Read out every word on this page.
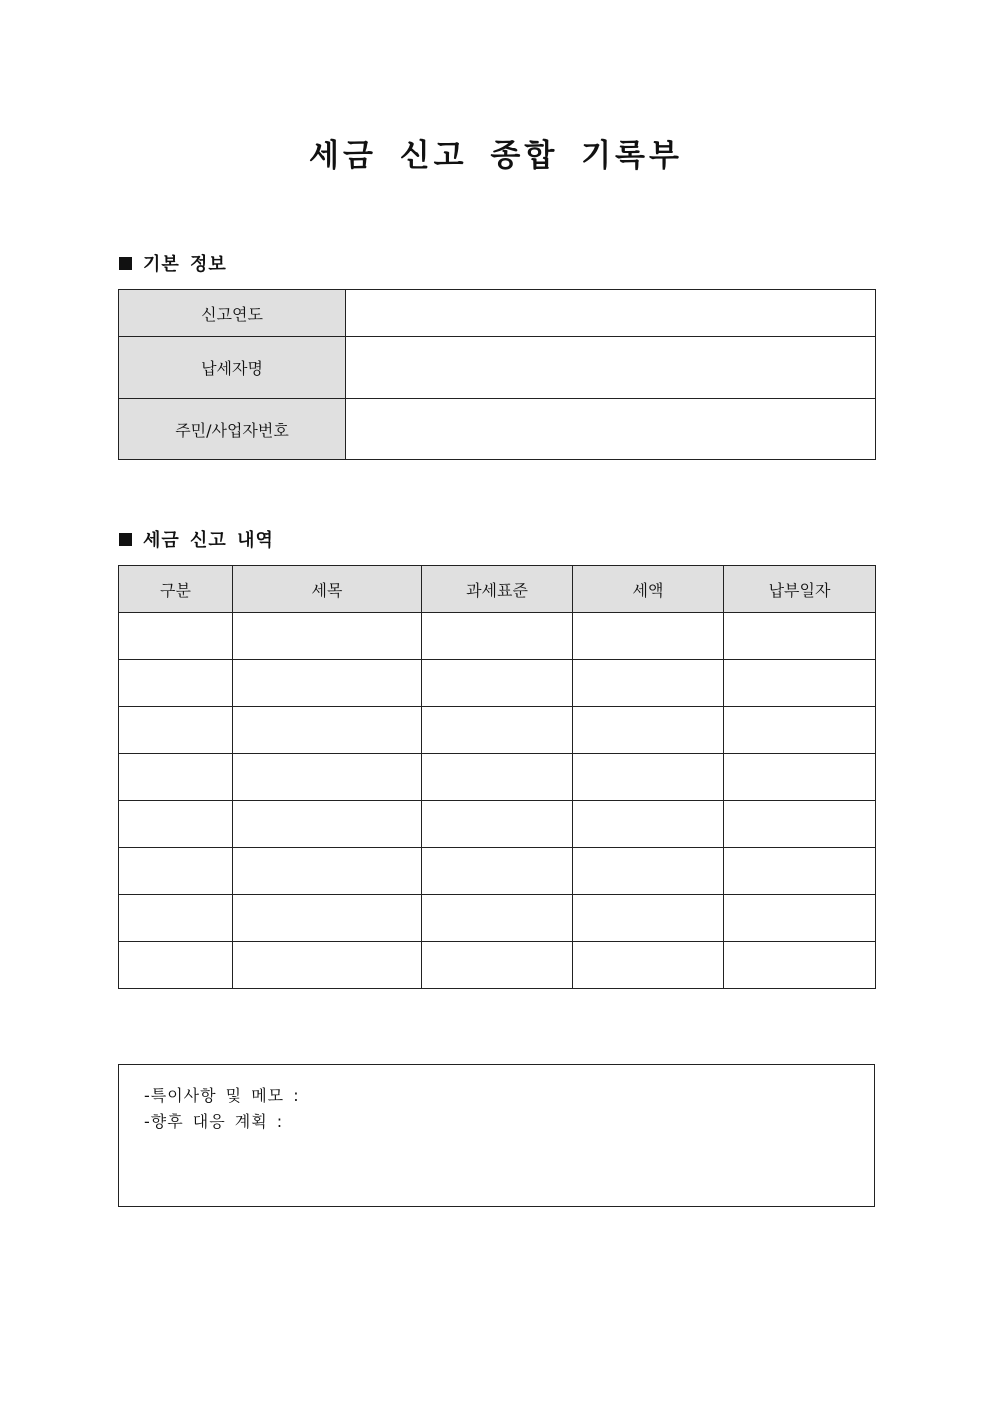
세금 신고 종합 기록부
기본 정보
신고연도	
납세자명	
주민/사업자번호	
세금 신고 내역
구분	세목	과세표준	세액	납부일자

-특이사항 및 메모 :
-향후 대응 계획 :
